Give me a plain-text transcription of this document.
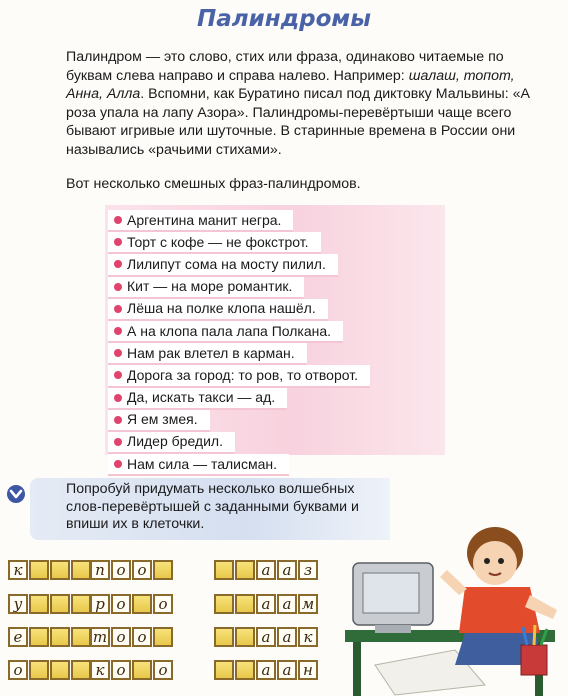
Палиндромы
Палиндром — это слово, стих или фраза, одинаково читаемые по буквам слева направо и справа налево. Например: шалаш, топот, Анна, Алла. Вспомни, как Буратино писал под диктовку Мальвины: «А роза упала на лапу Азора». Палиндромы-перевёртыши чаще всего бывают игривые или шуточные. В старинные времена в России они назывались «рачьими стихами».
Вот несколько смешных фраз-палиндромов.
Аргентина манит негра.
Торт с кофе — не фокстрот.
Лилипут сома на мосту пилил.
Кит — на море романтик.
Лёша на полке клопа нашёл.
А на клопа пала лапа Полкана.
Нам рак влетел в карман.
Дорога за город: то ров, то отворот.
Да, искать такси — ад.
Я ем змея.
Лидер бредил.
Нам сила — талисман.
Попробуй придумать несколько волшебных слов-перевёртышей с заданными буквами и впиши их в клеточки.
к
у
е
о
п о о
р о	о
т о о
к о	о
а а з
а а м
а а к
а а н
